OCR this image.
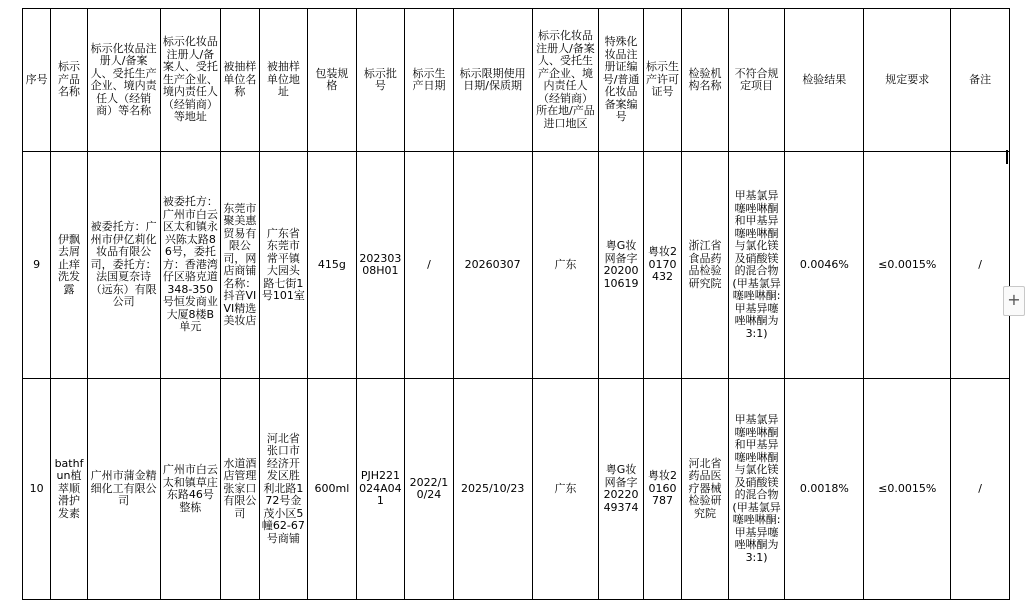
序号	标示产品名称	标示化妆品注册人/备案人、受托生产企业、境内责任人（经销商）等名称	标示化妆品注册人/备案人、受托生产企业、境内责任人（经销商）等地址	被抽样单位名称	被抽样单位地址	包装规格	标示批号	标示生产日期	标示限期使用日期/保质期	标示化妆品注册人/备案人、受托生产企业、境内责任人（经销商）所在地/产品进口地区	特殊化妆品注册证编号/普通化妆品备案编号	标示生产许可证号	检验机构名称	不符合规定项目	检验结果	规定要求	备注
9	伊飘去屑止痒洗发露	被委托方：广州市伊亿莉化妆品有限公司，委托方：法国夏奈诗（远东）有限公司	被委托方：广州市白云区太和镇永兴陈太路86号，委托方：香港湾仔区骆克道348-350号恒发商业大厦8楼B单元	东莞市聚美惠贸易有限公司，网店商铺名称：抖音VIVI精选美妆店	广东省东莞市常平镇大园头路七街1号101室	415g	20230308H01	/	20260307	广东	粤G妆网备字2020010619	粤妆20170432	浙江省食品药品检验研究院	甲基氯异噻唑啉酮和甲基异噻唑啉酮与氯化镁及硝酸镁的混合物(甲基氯异噻唑啉酮:甲基异噻唑啉酮为3:1)	0.0046%	≤0.0015%	/
10	bathfun植萃顺滑护发素	广州市蒲金精细化工有限公司	广州市白云太和镇草庄东路46号整栋	水道酒店管理张家口有限公司	河北省张口市经济开发区胜利北路172号金茂小区5幢62-67号商铺	600ml	PJH221024A041	2022/10/24	2025/10/23	广东	粤G妆网备字2022049374	粤妆20160787	河北省药品医疗器械检验研究院	甲基氯异噻唑啉酮和甲基异噻唑啉酮与氯化镁及硝酸镁的混合物(甲基氯异噻唑啉酮:甲基异噻唑啉酮为3:1)	0.0018%	≤0.0015%	/
+
